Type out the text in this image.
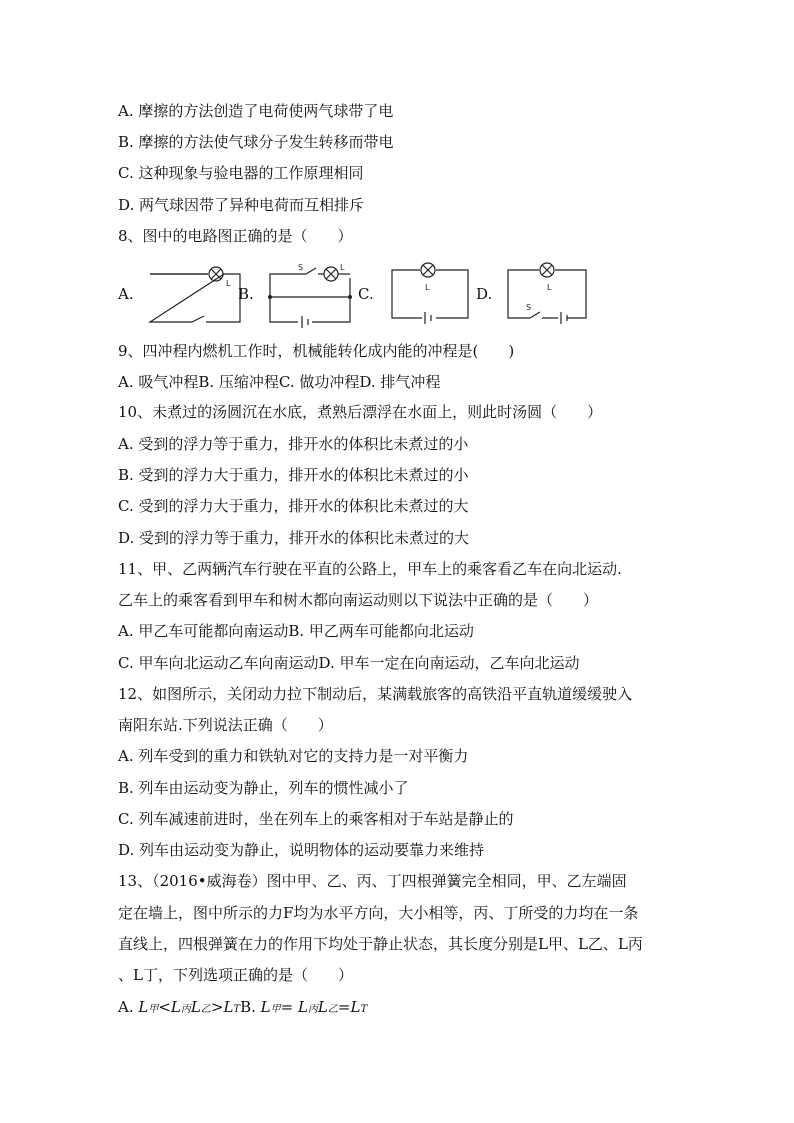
A. 摩擦的方法创造了电荷使两气球带了电
B. 摩擦的方法使气球分子发生转移而带电
C. 这种现象与验电器的工作原理相同
D. 两气球因带了异种电荷而互相排斥
8、图中的电路图正确的是（　　）
A.
L
B.
S	L
C.	L	D.	L
S
9、四冲程内燃机工作时，机械能转化成内能的冲程是(　　)
A. 吸气冲程B. 压缩冲程C. 做功冲程D. 排气冲程
10、未煮过的汤圆沉在水底，煮熟后漂浮在水面上，则此时汤圆（　　）
A. 受到的浮力等于重力，排开水的体积比未煮过的小
B. 受到的浮力大于重力，排开水的体积比未煮过的小
C. 受到的浮力大于重力，排开水的体积比未煮过的大
D. 受到的浮力等于重力，排开水的体积比未煮过的大
11、甲、乙两辆汽车行驶在平直的公路上，甲车上的乘客看乙车在向北运动.
乙车上的乘客看到甲车和树木都向南运动则以下说法中正确的是（　　）
A. 甲乙车可能都向南运动B. 甲乙两车可能都向北运动
C. 甲车向北运动乙车向南运动D. 甲车一定在向南运动，乙车向北运动
12、如图所示，关闭动力拉下制动后，某满载旅客的高铁沿平直轨道缓缓驶入
南阳东站.下列说法正确（　　）
A. 列车受到的重力和铁轨对它的支持力是一对平衡力
B. 列车由运动变为静止，列车的惯性减小了
C. 列车减速前进时，坐在列车上的乘客相对于车站是静止的
D. 列车由运动变为静止，说明物体的运动要靠力来维持
13、（2016•威海卷）图中甲、乙、丙、丁四根弹簧完全相同，甲、乙左端固
定在墙上，图中所示的力F均为水平方向，大小相等，丙、丁所受的力均在一条
直线上，四根弹簧在力的作用下均处于静止状态，其长度分别是L甲、L乙、L丙
、L丁，下列选项正确的是（　　）
A. L甲<L丙L乙>LTB. L甲= L丙L乙=LT
